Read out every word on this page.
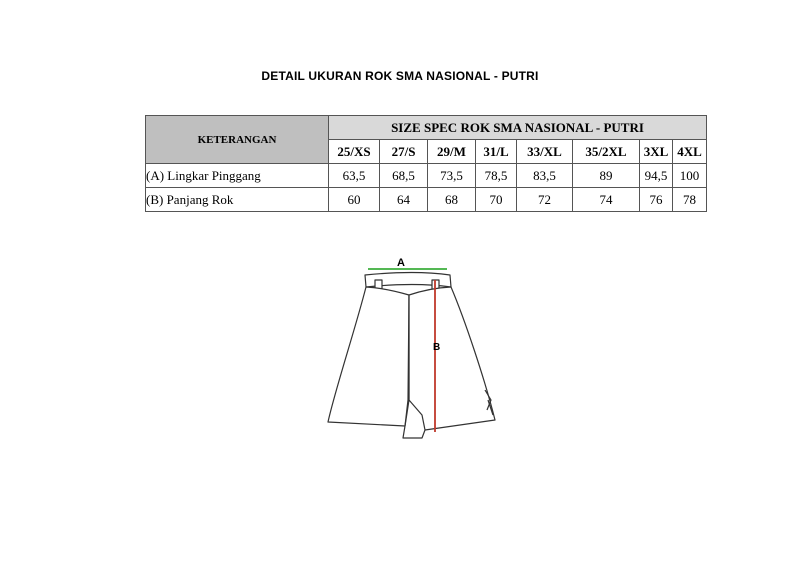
DETAIL UKURAN ROK SMA NASIONAL - PUTRI
KETERANGAN	SIZE SPEC ROK SMA NASIONAL - PUTRI							
	25/XS	27/S	29/M	31/L	33/XL	35/2XL	3XL	4XL
(A) Lingkar Pinggang	63,5	68,5	73,5	78,5	83,5	89	94,5	100
(B) Panjang Rok	60	64	68	70	72	74	76	78
A
B
